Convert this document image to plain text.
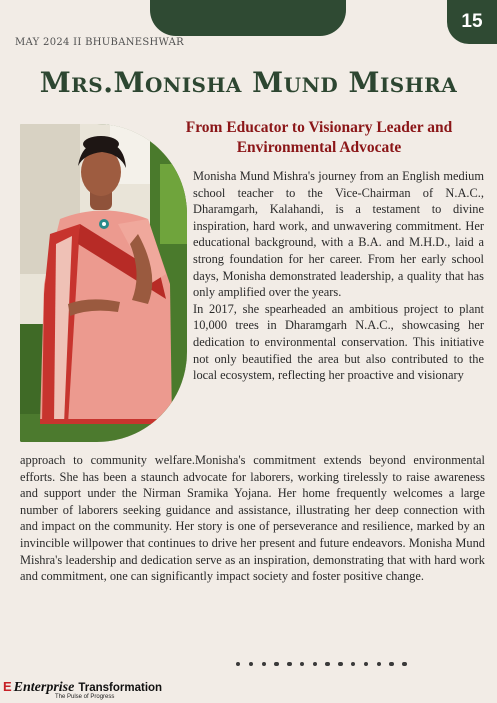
15
MAY 2024 II BHUBANESHWAR
Mrs.Monisha Mund Mishra
From Educator to Visionary Leader and Environmental Advocate
Monisha Mund Mishra's journey from an English medium school teacher to the Vice-Chairman of N.A.C., Dharamgarh, Kalahandi, is a testament to divine inspiration, hard work, and unwavering commitment. Her educational background, with a B.A. and M.H.D., laid a strong foundation for her career. From her early school days, Monisha demonstrated leadership, a quality that has only amplified over the years.
In 2017, she spearheaded an ambitious project to plant 10,000 trees in Dharamgarh N.A.C., showcasing her dedication to environmental conservation. This initiative not only beautified the area but also contributed to the local ecosystem, reflecting her proactive and visionary
approach to community welfare.Monisha's commitment extends beyond environmental efforts. She has been a staunch advocate for laborers, working tirelessly to raise awareness and support under the Nirman Sramika Yojana. Her home frequently welcomes a large number of laborers seeking guidance and assistance, illustrating her deep connection with and impact on the community. Her story is one of perseverance and resilience, marked by an invincible willpower that continues to drive her present and future endeavors. Monisha Mund Mishra's leadership and dedication serve as an inspiration, demonstrating that with hard work and commitment, one can significantly impact society and foster positive change.
E Enterprise Transformation
The Pulse of Progress
